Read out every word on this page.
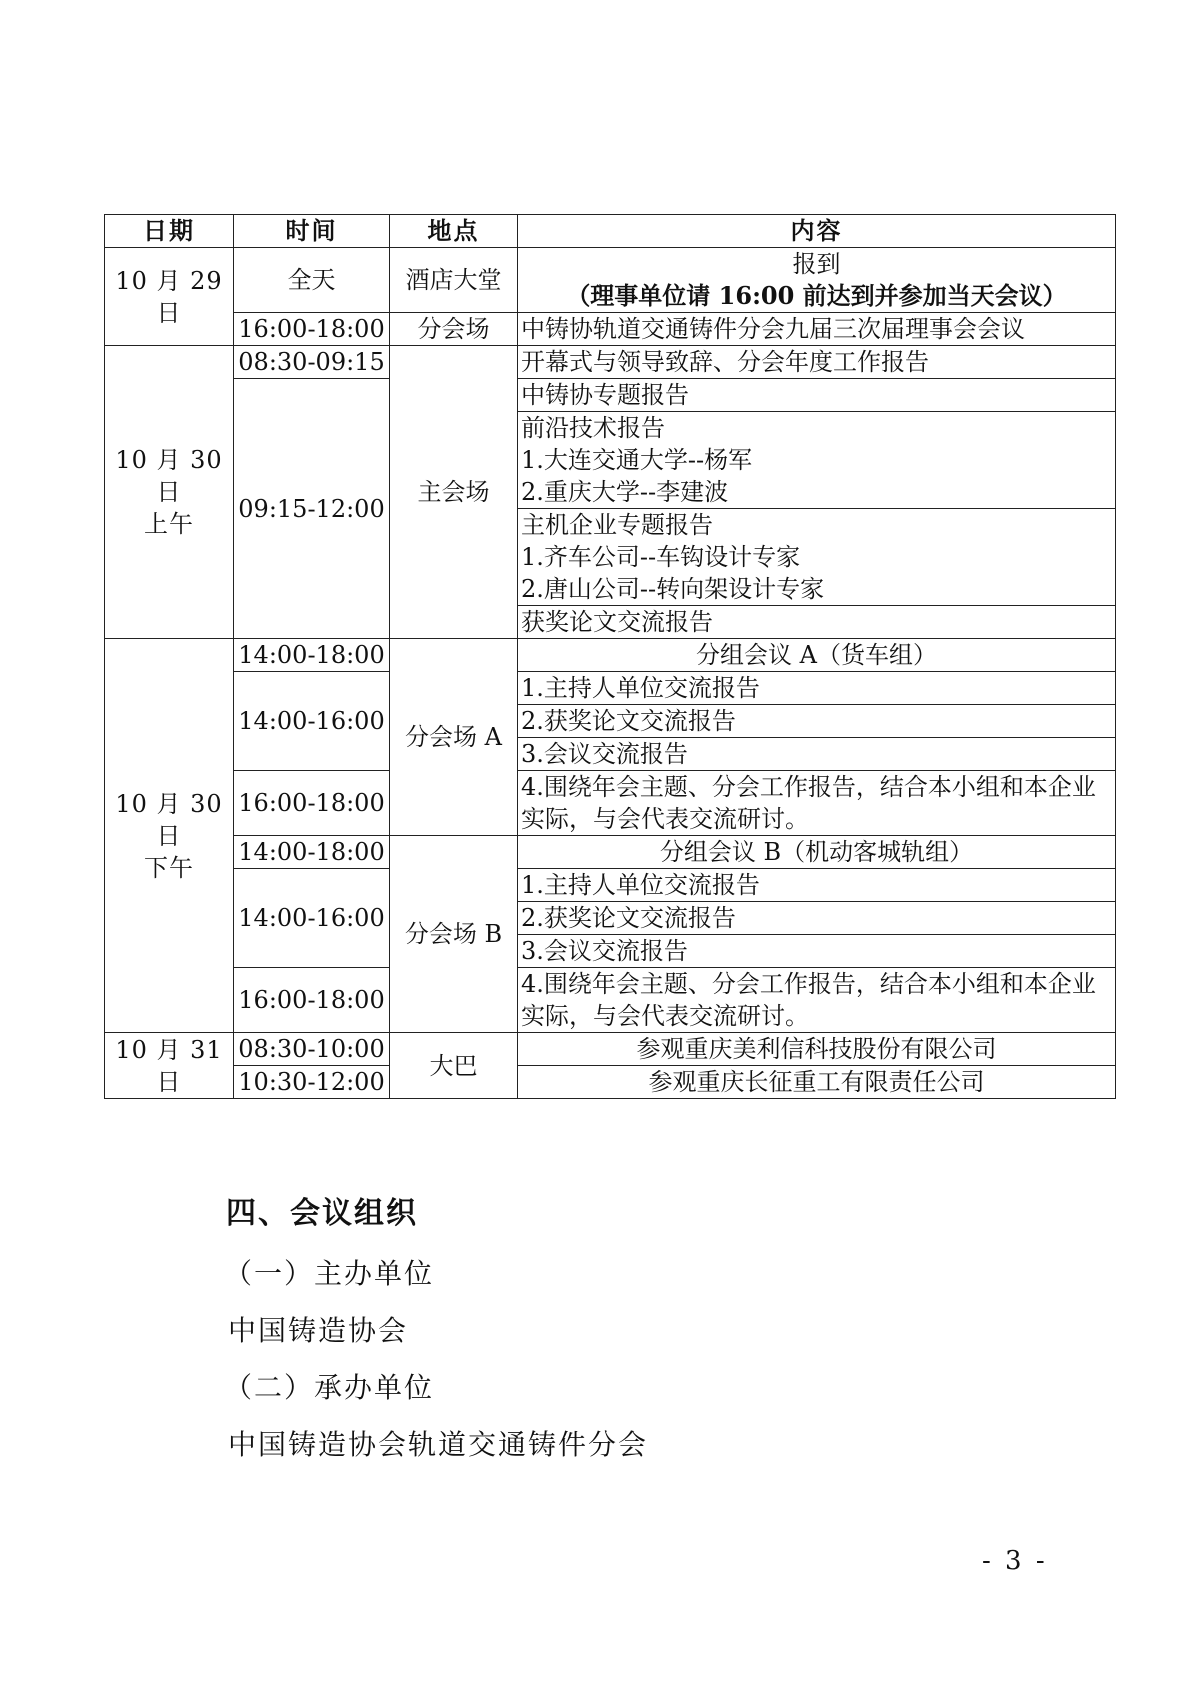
日期	时间	地点	内容
10 月 29 日	全天	酒店大堂	报到
（理事单位请 16:00 前达到并参加当天会议）

	16:00-18:00	分会场	中铸协轨道交通铸件分会九届三次届理事会会议

10 月 30 日
上午	08:30-09:15	主会场	开幕式与领导致辞、分会年度工作报告
	09:15-12:00		中铸协专题报告

			前沿技术报告
1.大连交通大学--杨军
2.重庆大学--李建波

			主机企业专题报告
1.齐车公司--车钩设计专家
2.唐山公司--转向架设计专家

			获奖论文交流报告

10 月 30 日
下午	14:00-18:00	分会场 A	分组会议 A（货车组）
	14:00-16:00		1.主持人单位交流报告
			2.获奖论文交流报告
			3.会议交流报告
	16:00-18:00		4.围绕年会主题、分会工作报告，结合本小组和本企业实际，与会代表交流研讨。
	14:00-18:00	分会场 B	分组会议 B（机动客城轨组）
	14:00-16:00		1.主持人单位交流报告
			2.获奖论文交流报告
			3.会议交流报告
	16:00-18:00		4.围绕年会主题、分会工作报告，结合本小组和本企业实际，与会代表交流研讨。
10 月 31 日	08:30-10:00	大巴	参观重庆美利信科技股份有限公司
	10:30-12:00		参观重庆长征重工有限责任公司
四、会议组织
（一）主办单位
中国铸造协会
（二）承办单位
中国铸造协会轨道交通铸件分会
- 3 -
